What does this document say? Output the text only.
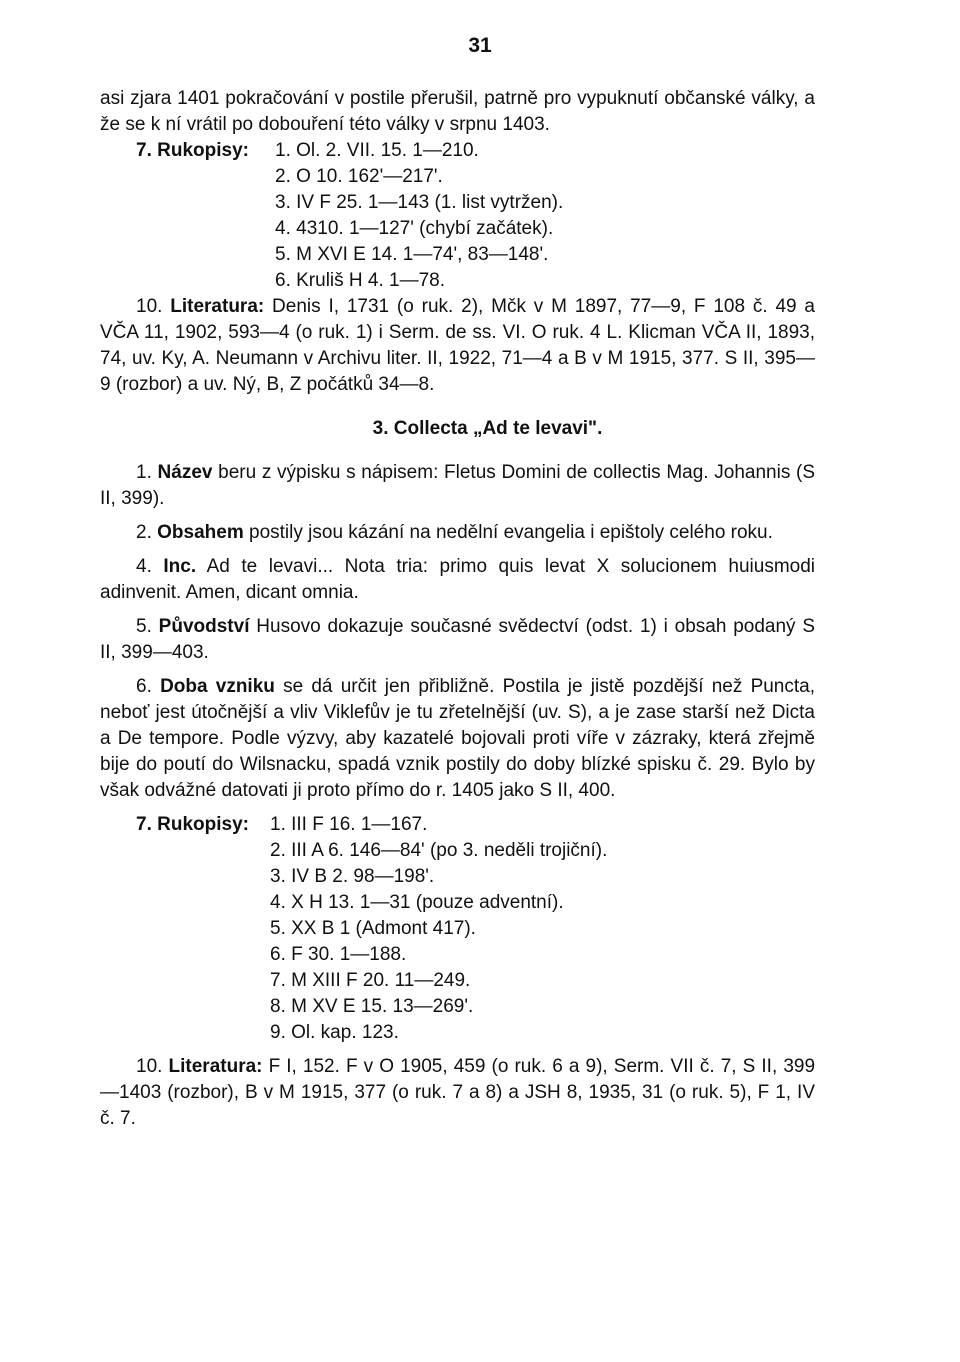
31

asi zjara 1401 pokračování v postile přerušil, patrně pro vypuknutí občanské války, a že se k ní vrátil po dobouření této války v srpnu 1403.

7. Rukopisy:	1. Ol. 2. VII. 15. 1—210.
2. O 10. 162'—217'.
3. IV F 25. 1—143 (1. list vytržen).
4. 4310. 1—127' (chybí začátek).
5. M XVI E 14. 1—74', 83—148'.
6. Kruliš H 4. 1—78.

10. Literatura: Denis I, 1731 (o ruk. 2), Mčk v M 1897, 77—9, F 108 č. 49 a VČA 11, 1902, 593—4 (o ruk. 1) i Serm. de ss. VI. O ruk. 4 L. Klicman VČA II, 1893, 74, uv. Ky, A. Neumann v Archivu liter. II, 1922, 71—4 a B v M 1915, 377. S II, 395—9 (rozbor) a uv. Ný, B, Z počátků 34—8.

3. Collecta „Ad te levavi".

1. Název beru z výpisku s nápisem: Fletus Domini de collectis Mag. Johannis (S II, 399).

2. Obsahem postily jsou kázání na nedělní evangelia i epištoly celého roku.

4. Inc. Ad te levavi... Nota tria: primo quis levat X solucionem huiusmodi adinvenit. Amen, dicant omnia.

5. Původství Husovo dokazuje současné svědectví (odst. 1) i obsah podaný S II, 399—403.

6. Doba vzniku se dá určit jen přibližně. Postila je jistě pozdější než Puncta, neboť jest útočnější a vliv Viklefův je tu zřetelnější (uv. S), a je zase starší než Dicta a De tempore. Podle výzvy, aby kazatelé bojovali proti víře v zázraky, která zřejmě bije do poutí do Wilsnacku, spadá vznik postily do doby blízké spisku č. 29. Bylo by však odvážné datovati ji proto přímo do r. 1405 jako S II, 400.

7. Rukopisy:	1. III F 16. 1—167.
2. III A 6. 146—84' (po 3. neděli trojiční).
3. IV B 2. 98—198'.
4. X H 13. 1—31 (pouze adventní).
5. XX B 1 (Admont 417).
6. F 30. 1—188.
7. M XIII F 20. 11—249.
8. M XV E 15. 13—269'.
9. Ol. kap. 123.

10. Literatura: F I, 152. F v O 1905, 459 (o ruk. 6 a 9), Serm. VII č. 7, S II, 399—1403 (rozbor), B v M 1915, 377 (o ruk. 7 a 8) a JSH 8, 1935, 31 (o ruk. 5), F 1, IV č. 7.
